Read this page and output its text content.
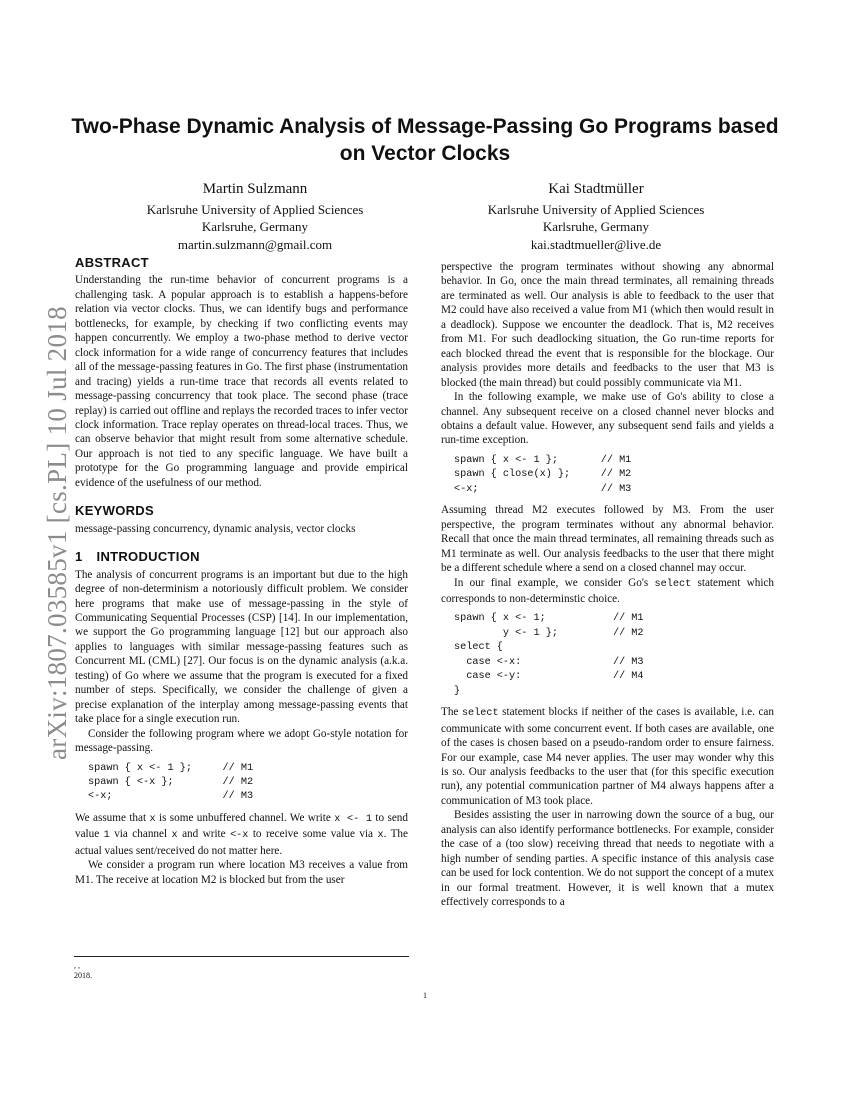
arXiv:1807.03585v1 [cs.PL] 10 Jul 2018
Two-Phase Dynamic Analysis of Message-Passing Go Programs based on Vector Clocks
Martin Sulzmann
Karlsruhe University of Applied Sciences
Karlsruhe, Germany
martin.sulzmann@gmail.com
Kai Stadtmüller
Karlsruhe University of Applied Sciences
Karlsruhe, Germany
kai.stadtmueller@live.de
ABSTRACT

Understanding the run-time behavior of concurrent programs is a challenging task. A popular approach is to establish a happens-before relation via vector clocks. Thus, we can identify bugs and performance bottlenecks, for example, by checking if two conflicting events may happen concurrently. We employ a two-phase method to derive vector clock information for a wide range of concurrency features that includes all of the message-passing features in Go. The first phase (instrumentation and tracing) yields a run-time trace that records all events related to message-passing concurrency that took place. The second phase (trace replay) is carried out offline and replays the recorded traces to infer vector clock information. Trace replay operates on thread-local traces. Thus, we can observe behavior that might result from some alternative schedule. Our approach is not tied to any specific language. We have built a prototype for the Go programming language and provide empirical evidence of the usefulness of our method.

KEYWORDS

message-passing concurrency, dynamic analysis, vector clocks

1 INTRODUCTION

The analysis of concurrent programs is an important but due to the high degree of non-determinism a notoriously difficult problem. We consider here programs that make use of message-passing in the style of Communicating Sequential Processes (CSP) [14]. In our implementation, we support the Go programming language [12] but our approach also applies to languages with similar message-passing features such as Concurrent ML (CML) [27]. Our focus is on the dynamic analysis (a.k.a. testing) of Go where we assume that the program is executed for a fixed number of steps. Specifically, we consider the challenge of given a precise explanation of the interplay among message-passing events that take place for a single execution run.

Consider the following program where we adopt Go-style notation for message-passing.

spawn { x <- 1 };     // M1
spawn { <-x };        // M2
<-x;                  // M3

We assume that x is some unbuffered channel. We write x <- 1 to send value 1 via channel x and write <-x to receive some value via x. The actual values sent/received do not matter here.

We consider a program run where location M3 receives a value from M1. The receive at location M2 is blocked but from the user

perspective the program terminates without showing any abnormal behavior. In Go, once the main thread terminates, all remaining threads are terminated as well. Our analysis is able to feedback to the user that M2 could have also received a value from M1 (which then would result in a deadlock). Suppose we encounter the deadlock. That is, M2 receives from M1. For such deadlocking situation, the Go run-time reports for each blocked thread the event that is responsible for the blockage. Our analysis provides more details and feedbacks to the user that M3 is blocked (the main thread) but could possibly communicate via M1.

In the following example, we make use of Go's ability to close a channel. Any subsequent receive on a closed channel never blocks and obtains a default value. However, any subsequent send fails and yields a run-time exception.

spawn { x <- 1 };       // M1
spawn { close(x) };     // M2
<-x;                    // M3

Assuming thread M2 executes followed by M3. From the user perspective, the program terminates without any abnormal behavior. Recall that once the main thread terminates, all remaining threads such as M1 terminate as well. Our analysis feedbacks to the user that there might be a different schedule where a send on a closed channel may occur.

In our final example, we consider Go's select statement which corresponds to non-determinstic choice.

spawn { x <- 1;           // M1
y <- 1 };         // M2
select {
case <-x:               // M3
case <-y:               // M4
}

The select statement blocks if neither of the cases is available, i.e. can communicate with some concurrent event. If both cases are available, one of the cases is chosen based on a pseudo-random order to ensure fairness. For our example, case M4 never applies. The user may wonder why this is so. Our analysis feedbacks to the user that (for this specific execution run), any potential communication partner of M4 always happens after a communication of M3 took place.

Besides assisting the user in narrowing down the source of a bug, our analysis can also identify performance bottlenecks. For example, consider the case of a (too slow) receiving thread that needs to negotiate with a high number of sending parties. A specific instance of this analysis case can be used for lock contention. We do not support the concept of a mutex in our formal treatment. However, it is well known that a mutex effectively corresponds to a

, ,
2018.
1
